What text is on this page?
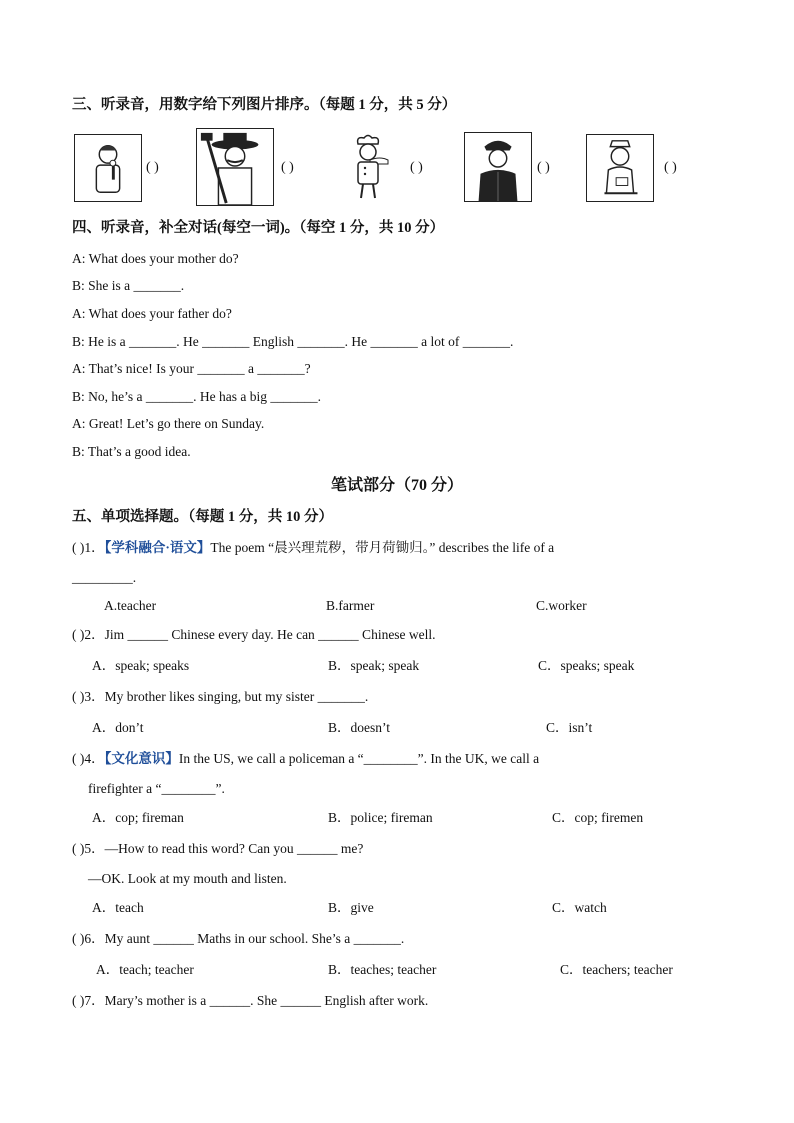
三、听录音，用数字给下列图片排序。（每题 1 分，共 5 分）
( )	( )	( )	( )	( )
四、听录音，补全对话(每空一词)。（每空 1 分，共 10 分）
A: What does your mother do?
B: She is a _______.
A: What does your father do?
B: He is a _______. He _______ English _______. He _______ a lot of _______.
A: That’s nice! Is your _______ a _______?
B: No, he’s a _______. He has a big _______.
A: Great! Let’s go there on Sunday.
B: That’s a good idea.
笔试部分（70 分）
五、单项选择题。（每题 1 分，共 10 分）
( )1．【学科融合·语文】The poem “晨兴理荒秽，带月荷锄归。” describes the life of a
_________.
A.teacher	B.farmer	C.worker
( )2．Jim ______ Chinese every day. He can ______ Chinese well.
A．speak; speaks	B．speak; speak	C．speaks; speak
( )3．My brother likes singing, but my sister _______.
A．don’t	B．doesn’t	C．isn’t
( )4．【文化意识】In the US, we call a policeman a “________”. In the UK, we call a
firefighter a “________”.
A．cop; fireman	B．police; fireman	C．cop; firemen
( )5．—How to read this word? Can you ______ me?
—OK. Look at my mouth and listen.
A．teach	B．give	C．watch
( )6．My aunt ______ Maths in our school. She’s a _______.
A．teach; teacher	B．teaches; teacher	C．teachers; teacher
( )7．Mary’s mother is a ______. She ______ English after work.
